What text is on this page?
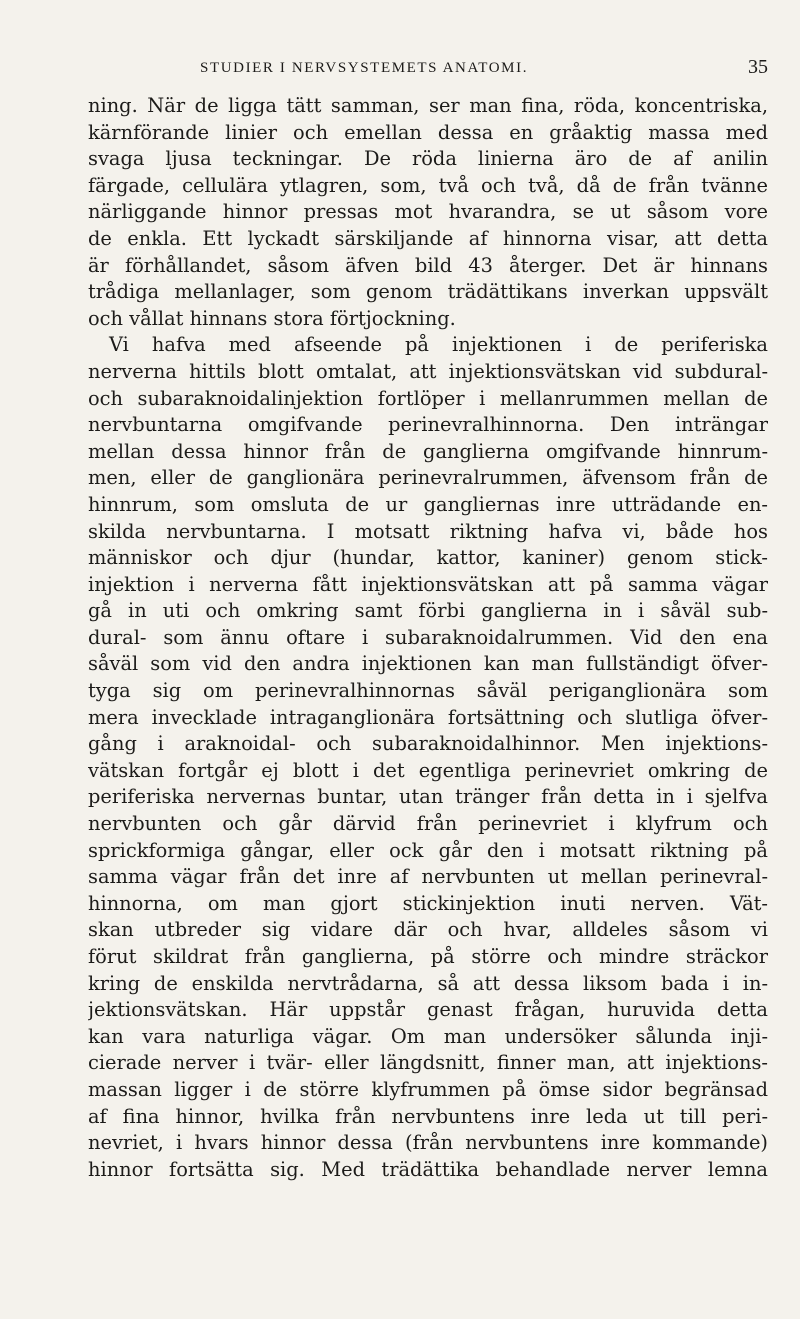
STUDIER I NERVSYSTEMETS ANATOMI.	35
ning. När de ligga tätt samman, ser man fina, röda, koncentriska,
kärnförande linier och emellan dessa en gråaktig massa med
svaga ljusa teckningar. De röda linierna äro de af anilin
färgade, cellulära ytlagren, som, två och två, då de från tvänne
närliggande hinnor pressas mot hvarandra, se ut såsom vore
de enkla. Ett lyckadt särskiljande af hinnorna visar, att detta
är förhållandet, såsom äfven bild 43 återger. Det är hinnans
trådiga mellanlager, som genom trädättikans inverkan uppsvält
och vållat hinnans stora förtjockning.
Vi hafva med afseende på injektionen i de periferiska
nerverna hittils blott omtalat, att injektionsvätskan vid subdural-
och subaraknoidalinjektion fortlöper i mellanrummen mellan de
nervbuntarna omgifvande perinevralhinnorna. Den inträngar
mellan dessa hinnor från de ganglierna omgifvande hinnrum-
men, eller de ganglionära perinevralrummen, äfvensom från de
hinnrum, som omsluta de ur gangliernas inre utträdande en-
skilda nervbuntarna. I motsatt riktning hafva vi, både hos
människor och djur (hundar, kattor, kaniner) genom stick-
injektion i nerverna fått injektionsvätskan att på samma vägar
gå in uti och omkring samt förbi ganglierna in i såväl sub-
dural- som ännu oftare i subaraknoidalrummen. Vid den ena
såväl som vid den andra injektionen kan man fullständigt öfver-
tyga sig om perinevralhinnornas såväl periganglionära som
mera invecklade intraganglionära fortsättning och slutliga öfver-
gång i araknoidal- och subaraknoidalhinnor. Men injektions-
vätskan fortgår ej blott i det egentliga perinevriet omkring de
periferiska nervernas buntar, utan tränger från detta in i sjelfva
nervbunten och går därvid från perinevriet i klyfrum och
sprickformiga gångar, eller ock går den i motsatt riktning på
samma vägar från det inre af nervbunten ut mellan perinevral-
hinnorna, om man gjort stickinjektion inuti nerven. Vät-
skan utbreder sig vidare där och hvar, alldeles såsom vi
förut skildrat från ganglierna, på större och mindre sträckor
kring de enskilda nervtrådarna, så att dessa liksom bada i in-
jektionsvätskan. Här uppstår genast frågan, huruvida detta
kan vara naturliga vägar. Om man undersöker sålunda inji-
cierade nerver i tvär- eller längdsnitt, finner man, att injektions-
massan ligger i de större klyfrummen på ömse sidor begränsad
af fina hinnor, hvilka från nervbuntens inre leda ut till peri-
nevriet, i hvars hinnor dessa (från nervbuntens inre kommande)
hinnor fortsätta sig. Med trädättika behandlade nerver lemna
